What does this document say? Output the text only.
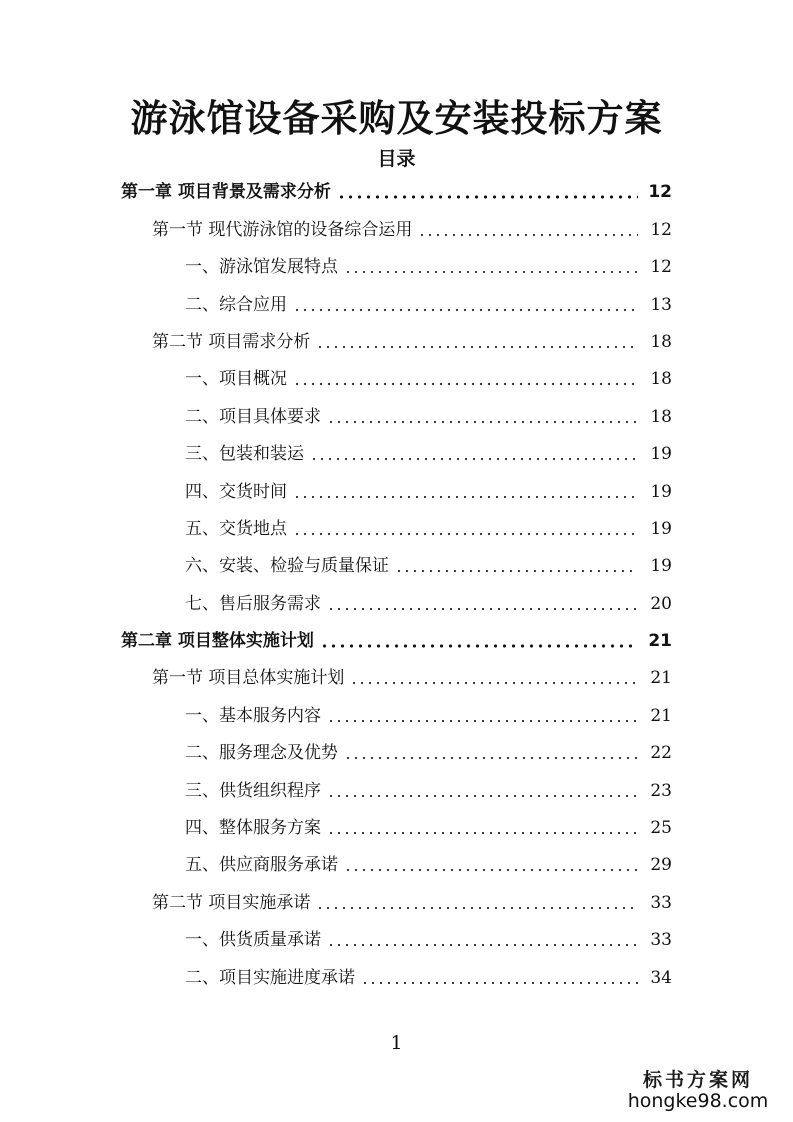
游泳馆设备采购及安装投标方案
目录
第一章 项目背景及需求分析	12
第一节 现代游泳馆的设备综合运用	12
一、游泳馆发展特点	12
二、综合应用	13
第二节 项目需求分析	18
一、项目概况	18
二、项目具体要求	18
三、包装和装运	19
四、交货时间	19
五、交货地点	19
六、安装、检验与质量保证	19
七、售后服务需求	20
第二章 项目整体实施计划	21
第一节 项目总体实施计划	21
一、基本服务内容	21
二、服务理念及优势	22
三、供货组织程序	23
四、整体服务方案	25
五、供应商服务承诺	29
第二节 项目实施承诺	33
一、供货质量承诺	33
二、项目实施进度承诺	34
1
标书方案网
hongke98.com
